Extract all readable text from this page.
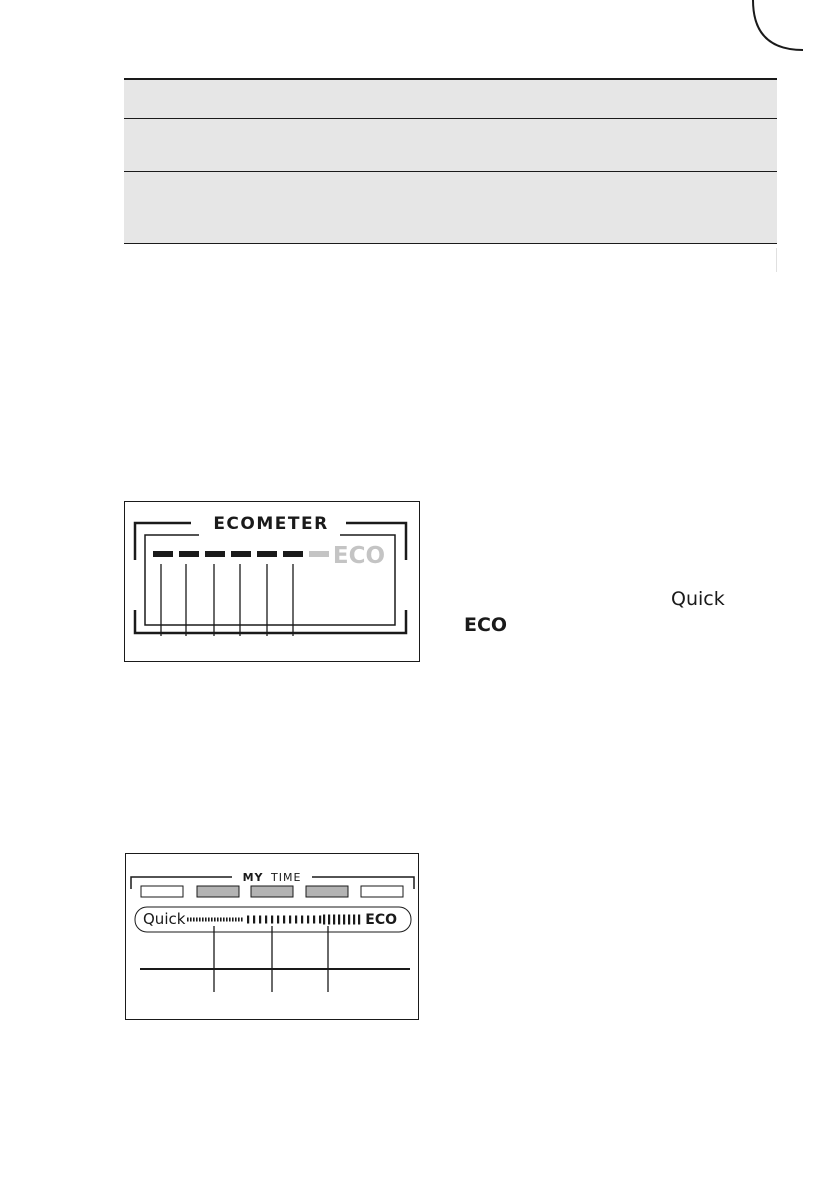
ECOMETER
ECO
Quick
ECO
MY TIME
Quick	ECO
